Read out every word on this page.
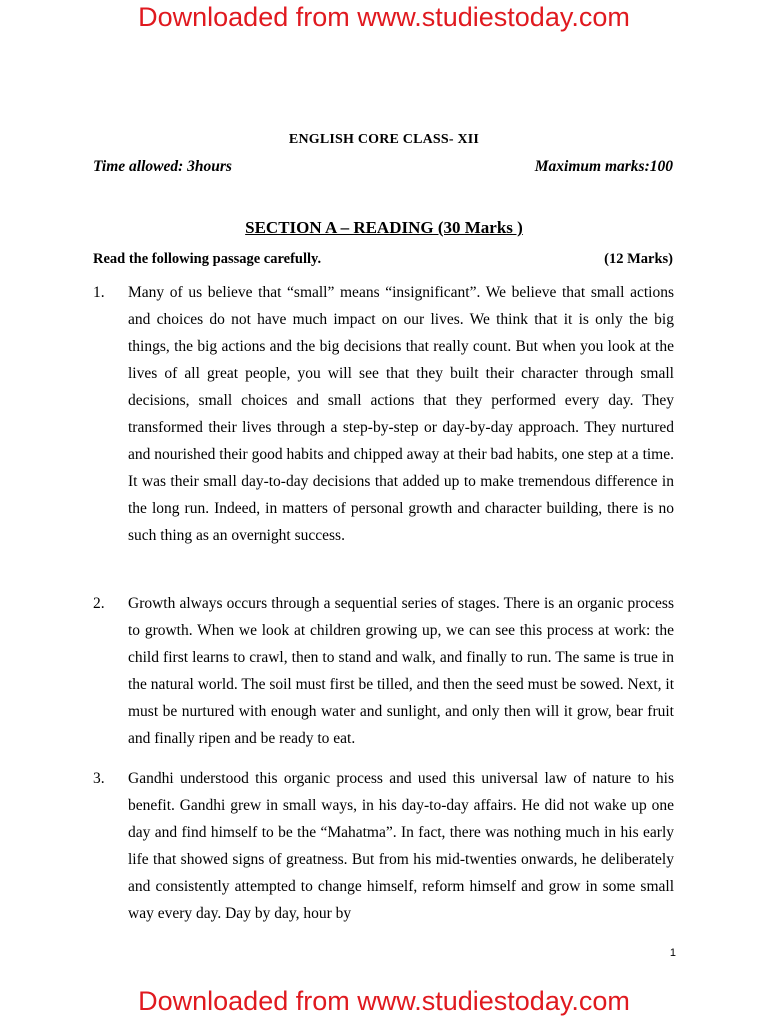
Downloaded from www.studiestoday.com
ENGLISH CORE CLASS- XII
Time allowed: 3hours	Maximum marks:100
SECTION A – READING (30 Marks )
Read the following passage carefully.	(12 Marks)
1. Many of us believe that “small” means “insignificant”. We believe that small actions and choices do not have much impact on our lives. We think that it is only the big things, the big actions and the big decisions that really count. But when you look at the lives of all great people, you will see that they built their character through small decisions, small choices and small actions that they performed every day. They transformed their lives through a step-by-step or day-by-day approach. They nurtured and nourished their good habits and chipped away at their bad habits, one step at a time. It was their small day-to-day decisions that added up to make tremendous difference in the long run. Indeed, in matters of personal growth and character building, there is no such thing as an overnight success.
2. Growth always occurs through a sequential series of stages. There is an organic process to growth. When we look at children growing up, we can see this process at work: the child first learns to crawl, then to stand and walk, and finally to run. The same is true in the natural world. The soil must first be tilled, and then the seed must be sowed. Next, it must be nurtured with enough water and sunlight, and only then will it grow, bear fruit and finally ripen and be ready to eat.
3. Gandhi understood this organic process and used this universal law of nature to his benefit. Gandhi grew in small ways, in his day-to-day affairs. He did not wake up one day and find himself to be the “Mahatma”. In fact, there was nothing much in his early life that showed signs of greatness. But from his mid-twenties onwards, he deliberately and consistently attempted to change himself, reform himself and grow in some small way every day. Day by day, hour by
1
Downloaded from www.studiestoday.com
